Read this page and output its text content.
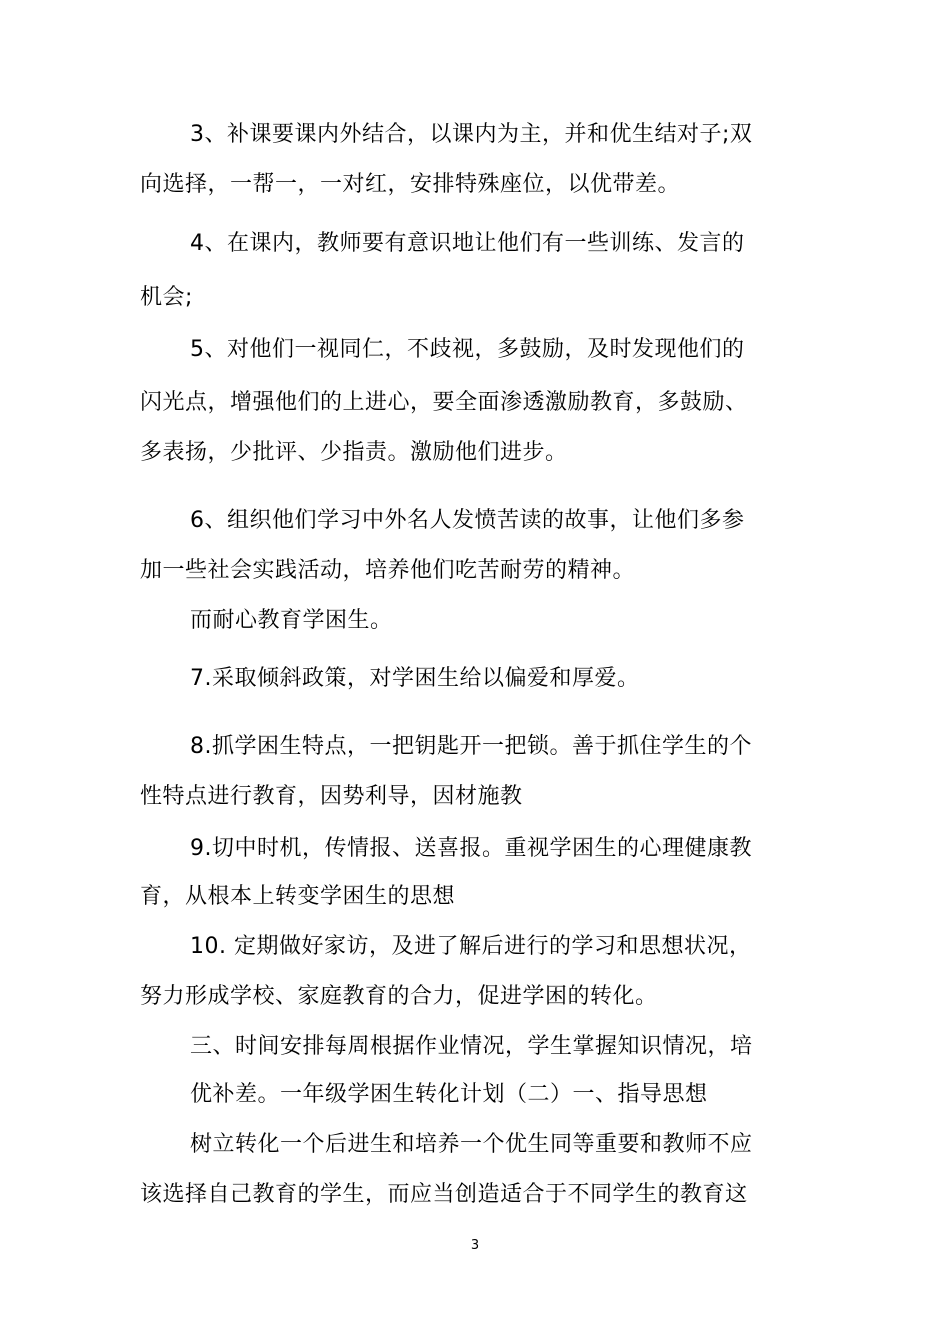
3、补课要课内外结合，以课内为主，并和优生结对子;双
向选择，一帮一，一对红，安排特殊座位，以优带差。
4、在课内，教师要有意识地让他们有一些训练、发言的
机会;
5、对他们一视同仁，不歧视，多鼓励，及时发现他们的
闪光点，增强他们的上进心，要全面渗透激励教育，多鼓励、
多表扬，少批评、少指责。激励他们进步。
6、组织他们学习中外名人发愤苦读的故事，让他们多参
加一些社会实践活动，培养他们吃苦耐劳的精神。
而耐心教育学困生。
7.采取倾斜政策，对学困生给以偏爱和厚爱。
8.抓学困生特点，一把钥匙开一把锁。善于抓住学生的个
性特点进行教育，因势利导，因材施教
9.切中时机，传情报、送喜报。重视学困生的心理健康教
育，从根本上转变学困生的思想
10. 定期做好家访，及进了解后进行的学习和思想状况，
努力形成学校、家庭教育的合力，促进学困的转化。
三、时间安排每周根据作业情况，学生掌握知识情况，培
优补差。一年级学困生转化计划（二）一、指导思想
树立转化一个后进生和培养一个优生同等重要和教师不应
该选择自己教育的学生，而应当创造适合于不同学生的教育这
3
